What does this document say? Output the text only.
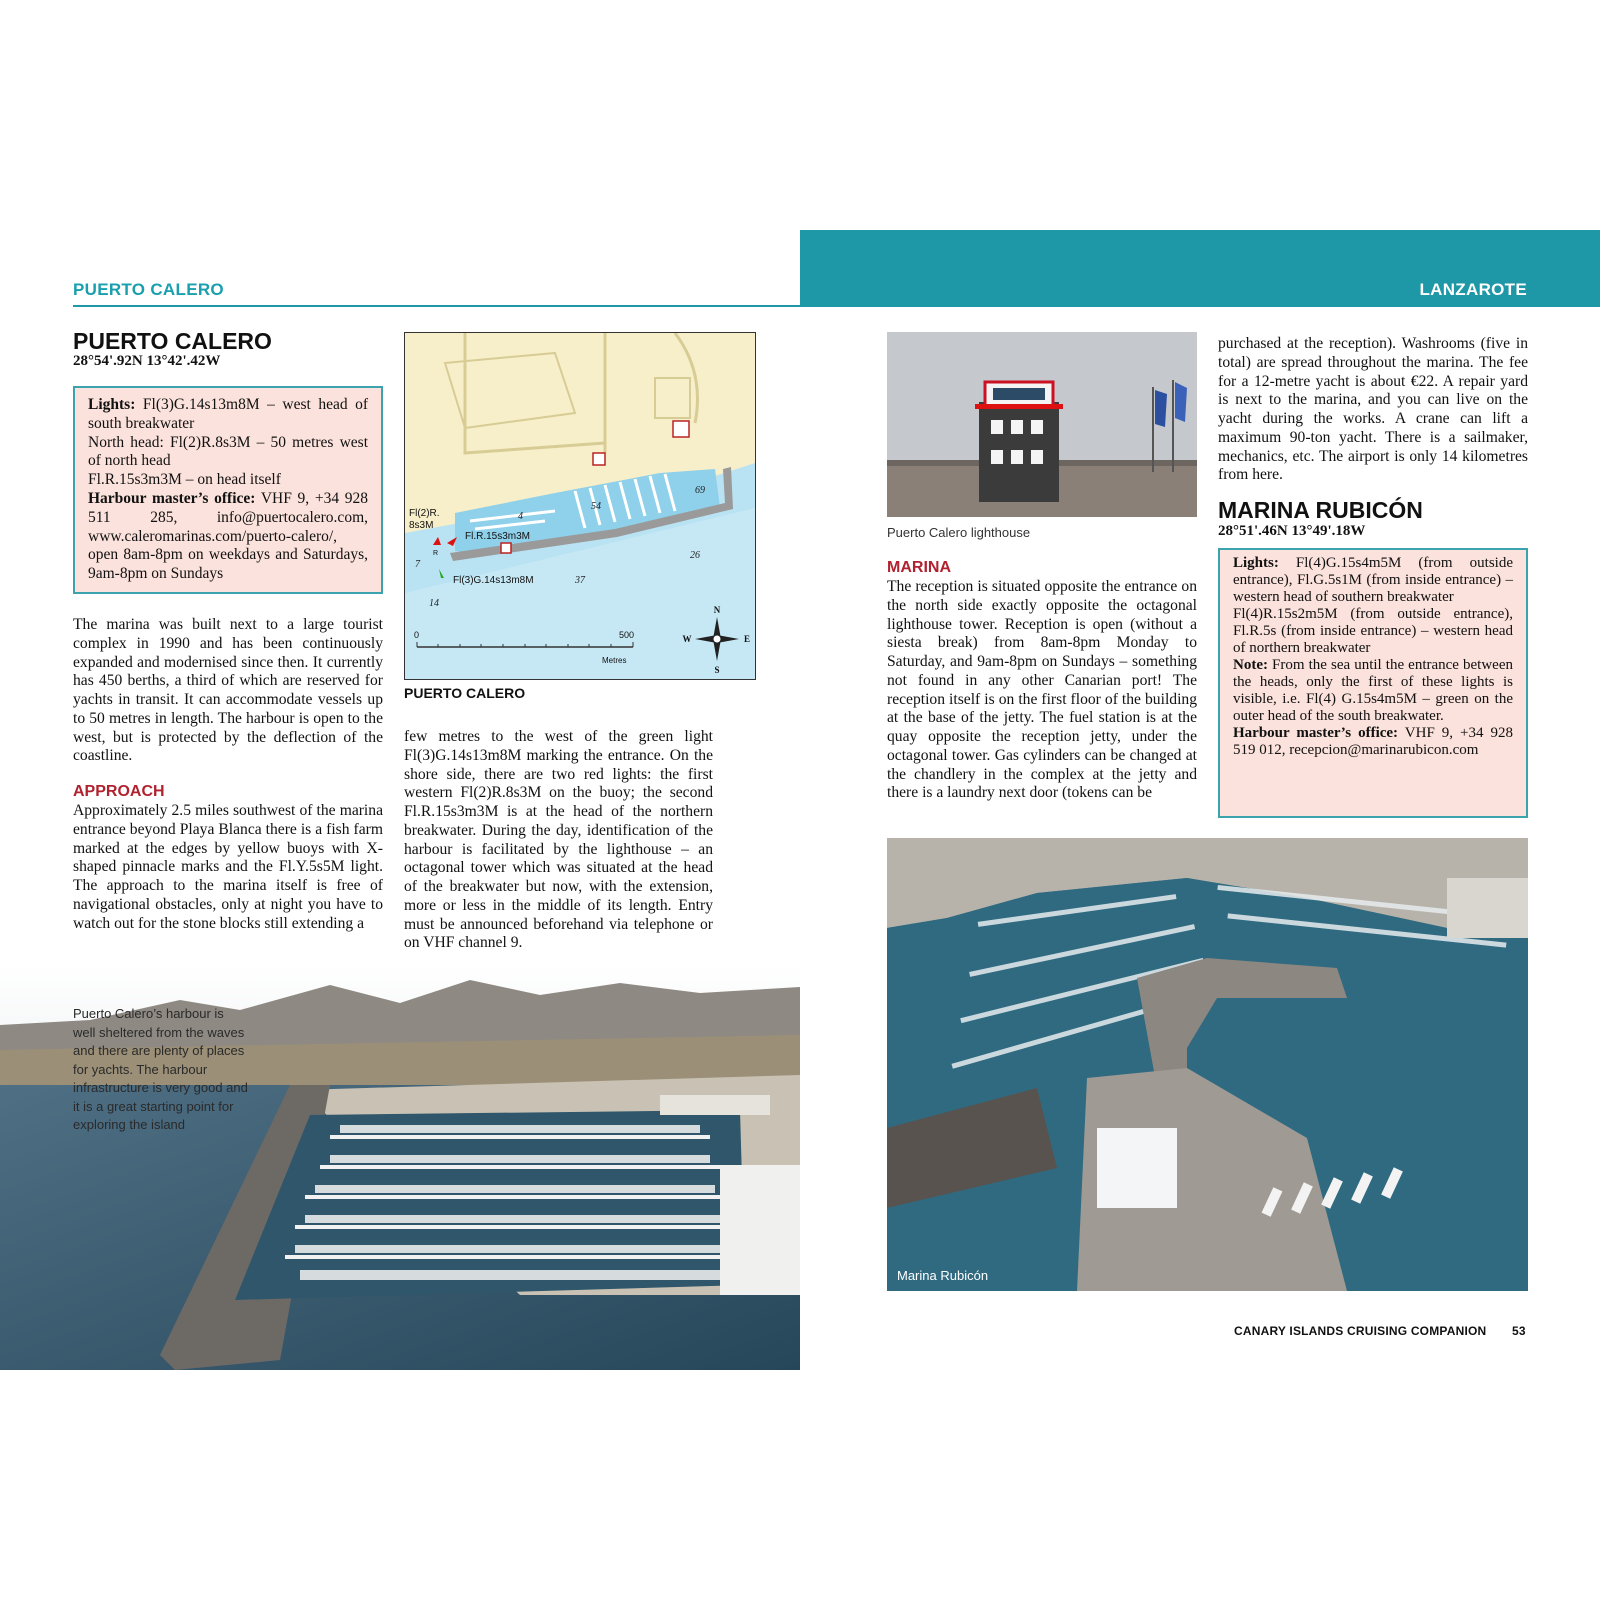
PUERTO CALERO	LANZAROTE
PUERTO CALERO
28°54'.92N 13°42'.42W

Lights: Fl(3)G.14s13m8M – west head of south breakwater

North head: Fl(2)R.8s3M – 50 metres west of north head

Fl.R.15s3m3M – on head itself

Harbour master’s office: VHF 9, +34 928 511 285, info@puertocalero.com, www.caleromarinas.com/puerto-calero/, open 8am-8pm on weekdays and Saturdays, 9am-8pm on Sundays

The marina was built next to a large tourist complex in 1990 and has been continuously expanded and modernised since then. It currently has 450 berths, a third of which are reserved for yachts in transit. It can accommodate vessels up to 50 metres in length. The harbour is open to the west, but is protected by the deflection of the coastline.

APPROACH

Approximately 2.5 miles southwest of the marina entrance beyond Playa Blanca there is a fish farm marked at the edges by yellow buoys with X-shaped pinnacle marks and the Fl.Y.5s5M light. The approach to the marina itself is free of navigational obstacles, only at night you have to watch out for the stone blocks still extending a

Fl(2)R.
8s3M
Fl.R.15s3m3M
Fl(3)G.14s13m8M
R
4
54
69
26
7
37
14
0	500
Metres
N
S
E
W
PUERTO CALERO

few metres to the west of the green light Fl(3)G.14s13m8M marking the entrance. On the shore side, there are two red lights: the first western Fl(2)R.8s3M on the buoy; the second Fl.R.15s3m3M is at the head of the northern breakwater. During the day, identification of the harbour is facilitated by the lighthouse – an octagonal tower which was situated at the head of the breakwater but now, with the extension, more or less in the middle of its length. Entry must be announced beforehand via telephone or on VHF channel 9.

Puerto Calero’s harbour is well sheltered from the waves and there are plenty of places for yachts. The harbour infrastructure is very good and it is a great starting point for exploring the island
Puerto Calero lighthouse
MARINA

The reception is situated opposite the entrance on the north side exactly opposite the octagonal lighthouse tower. Reception is open (without a siesta break) from 8am-8pm Monday to Saturday, and 9am-8pm on Sundays – something not found in any other Canarian port! The reception itself is on the first floor of the building at the base of the jetty. The fuel station is at the quay opposite the reception jetty, under the octagonal tower. Gas cylinders can be changed at the chandlery in the complex at the jetty and there is a laundry next door (tokens can be

purchased at the reception). Washrooms (five in total) are spread throughout the marina. The fee for a 12-metre yacht is about €22. A repair yard is next to the marina, and you can live on the yacht during the works. A crane can lift a maximum 90-ton yacht. There is a sailmaker, mechanics, etc. The airport is only 14 kilometres from here.

MARINA RUBICÓN
28°51'.46N 13°49'.18W

Lights: Fl(4)G.15s4m5M (from outside entrance), Fl.G.5s1M (from inside entrance) – western head of southern breakwater

Fl(4)R.15s2m5M (from outside entrance), Fl.R.5s (from inside entrance) – western head of northern breakwater

Note: From the sea until the entrance between the heads, only the first of these lights is visible, i.e. Fl(4) G.15s4m5M – green on the outer head of the south breakwater.

Harbour master’s office: VHF 9, +34 928 519 012, recepcion@marinarubicon.com

Marina Rubicón
CANARY ISLANDS CRUISING COMPANION 53
